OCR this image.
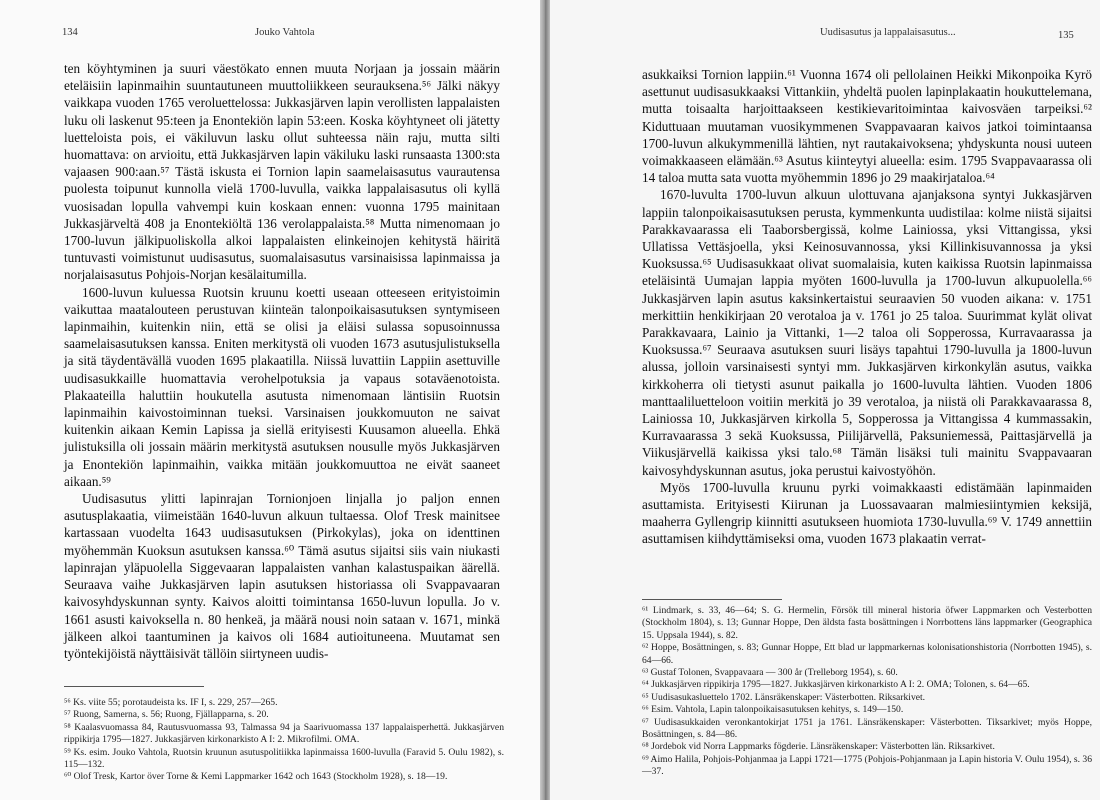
134	Jouko Vahtola

ten köyhtyminen ja suuri väestökato ennen muuta Norjaan ja jossain määrin eteläisiin lapinmaihin suuntautuneen muuttoliikkeen seurauksena.⁵⁶ Jälki näkyy vaikkapa vuoden 1765 veroluettelossa: Jukkasjärven lapin verollisten lappalaisten luku oli laskenut 95:teen ja Enontekiön lapin 53:een. Koska köyhtyneet oli jätetty luetteloista pois, ei väkiluvun lasku ollut suhteessa näin raju, mutta silti huomattava: on arvioitu, että Jukkasjärven lapin väkiluku laski runsaasta 1300:sta vajaasen 900:aan.⁵⁷ Tästä iskusta ei Tornion lapin saamelaisasutus vaurautensa puolesta toipunut kunnolla vielä 1700-luvulla, vaikka lappalaisasutus oli kyllä vuosisadan lopulla vahvempi kuin koskaan ennen: vuonna 1795 mainitaan Jukkasjärveltä 408 ja Enontekiöltä 136 verolappalaista.⁵⁸ Mutta nimenomaan jo 1700-luvun jälkipuoliskolla alkoi lappalaisten elinkeinojen kehitystä häiritä tuntuvasti voimistunut uudisasutus, suomalaisasutus varsinaisissa lapinmaissa ja norjalaisasutus Pohjois-Norjan kesälaitumilla.

1600-luvun kuluessa Ruotsin kruunu koetti useaan otteeseen erityistoimin vaikuttaa maataloutеen perustuvan kiinteän talonpoikaisasutuksen syntymiseen lapinmaihin, kuitenkin niin, että se olisi ja eläisi sulassa sopusoinnussa saamelaisasutuksen kanssa. Eniten merkitystä oli vuoden 1673 asutusjulistuksella ja sitä täydentävällä vuoden 1695 plakaatilla. Niissä luvattiin Lappiin asettuville uudisasukkaille huomattavia verohelpotuksia ja vapaus sotaväenotoista. Plakaateilla haluttiin houkutella asutusta nimenomaan läntisiin Ruotsin lapinmaihin kaivostoiminnan tueksi. Varsinaisen joukkomuuton ne saivat kuitenkin aikaan Kemin Lapissa ja siellä erityisesti Kuusamon alueella. Ehkä julistuksilla oli jossain määrin merkitystä asutuksen nousulle myös Jukkasjärven ja Enontekiön lapinmaihin, vaikka mitään joukkomuuttoa ne eivät saaneet aikaan.⁵⁹

Uudisasutus ylitti lapinrajan Tornionjoen linjalla jo paljon ennen asutusplakaatia, viimeistään 1640-luvun alkuun tultaessa. Olof Tresk mainitsee kartassaan vuodelta 1643 uudisasutuksen (Pirkokylas), joka on identtinen myöhemmän Kuoksun asutuksen kanssa.⁶⁰ Tämä asutus sijaitsi siis vain niukasti lapinrajan yläpuolella Siggevaaran lappalaisten vanhan kalastuspaikan äärellä. Seuraava vaihe Jukkasjärven lapin asutuksen historiassa oli Svappavaaran kaivosyhdyskunnan synty. Kaivos aloitti toimintansa 1650-luvun lopulla. Jo v. 1661 asusti kaivoksella n. 80 henkeä, ja määrä nousi noin sataan v. 1671, minkä jälkeen alkoi taantuminen ja kaivos oli 1684 autioituneena. Muutamat sen työntekijöistä näyttäisivät tällöin siirtyneen uudis-

⁵⁶ Ks. viite 55; porotaudeista ks. IF I, s. 229, 257—265.

⁵⁷ Ruong, Samerna, s. 56; Ruong, Fjällapparna, s. 20.

⁵⁸ Kaalasvuomassa 84, Rautusvuomassa 93, Talmassa 94 ja Saarivuomassa 137 lappalaisperhettä. Jukkasjärven rippikirja 1795—1827. Jukkasjärven kirkonarkisto A I: 2. Mikrofilmi. OMA.

⁵⁹ Ks. esim. Jouko Vahtola, Ruotsin kruunun asutuspolitiikka lapinmaissa 1600-luvulla (Faravid 5. Oulu 1982), s. 115—132.

⁶⁰ Olof Tresk, Kartor över Torne & Kemi Lappmarker 1642 och 1643 (Stockholm 1928), s. 18—19.

Uudisasutus ja lappalaisasutus...	135

asukkaiksi Tornion lappiin.⁶¹ Vuonna 1674 oli pellolainen Heikki Mikonpoika Kyrö asettunut uudisasukkaaksi Vittankiin, yhdeltä puolen lapinplakaatin houkuttelemana, mutta toisaalta harjoittaakseen kestikievaritoimintaa kaivosväen tarpeiksi.⁶² Kiduttuaan muutaman vuosikymmenen Svappavaaran kaivos jatkoi toimintaansa 1700-luvun alkukymmenillä lähtien, nyt rautakaivoksena; yhdyskunta nousi uuteen voimakkaaseen elämään.⁶³ Asutus kiinteytyi alueella: esim. 1795 Svappavaarassa oli 14 taloa mutta sata vuotta myöhemmin 1896 jo 29 maakirjataloa.⁶⁴

1670-luvulta 1700-luvun alkuun ulottuvana ajanjaksona syntyi Jukkasjärven lappiin talonpoikaisasutuksen perusta, kymmenkunta uudistilaa: kolme niistä sijaitsi Parakkavaarassa eli Taaborsbergissä, kolme Lainiossa, yksi Vittangissa, yksi Ullatissa Vettäsjoella, yksi Keinosuvannossa, yksi Killinkisuvannossa ja yksi Kuoksussa.⁶⁵ Uudisasukkaat olivat suomalaisia, kuten kaikissa Ruotsin lapinmaissa eteläisintä Uumajan lappia myöten 1600-luvulla ja 1700-luvun alkupuolella.⁶⁶ Jukkasjärven lapin asutus kaksinkertaistui seuraavien 50 vuoden aikana: v. 1751 merkittiin henkikirjaan 20 verotaloa ja v. 1761 jo 25 taloa. Suurimmat kylät olivat Parakkavaara, Lainio ja Vittanki, 1—2 taloa oli Sopperossa, Kurravaarassa ja Kuoksussa.⁶⁷ Seuraava asutuksen suuri lisäys tapahtui 1790-luvulla ja 1800-luvun alussa, jolloin varsinaisesti syntyi mm. Jukkasjärven kirkonkylän asutus, vaikka kirkkoherra oli tietysti asunut paikalla jo 1600-luvulta lähtien. Vuoden 1806 manttaaliluetteloon voitiin merkitä jo 39 verotaloa, ja niistä oli Parakkavaarassa 8, Lainiossa 10, Jukkasjärven kirkolla 5, Sopperossa ja Vittangissa 4 kummassakin, Kurravaarassa 3 sekä Kuoksussa, Piilijärvellä, Paksuniemessä, Paittasjärvellä ja Viikusjärvellä kaikissa yksi talo.⁶⁸ Tämän lisäksi tuli mainitu Svappavaaran kaivosyhdyskunnan asutus, joka perustui kaivostyöhön.

Myös 1700-luvulla kruunu pyrki voimakkaasti edistämään lapinmaiden asuttamista. Erityisesti Kiirunan ja Luossavaaran malmiesiintymien keksijä, maaherra Gyllengrip kiinnitti asutukseen huomiota 1730-luvulla.⁶⁹ V. 1749 annettiin asuttamisen kiihdyttämiseksi oma, vuoden 1673 plakaatin verrat-

⁶¹ Lindmark, s. 33, 46—64; S. G. Hermelin, Försök till mineral historia öfwer Lappmarken och Vesterbotten (Stockholm 1804), s. 13; Gunnar Hoppe, Den äldsta fasta bosättningen i Norrbottens läns lappmarker (Geographica 15. Uppsala 1944), s. 82.

⁶² Hoppe, Bosättningen, s. 83; Gunnar Hoppe, Ett blad ur lappmarkernas kolonisationshistoria (Norrbotten 1945), s. 64—66.

⁶³ Gustaf Tolonen, Svappavaara — 300 år (Trelleborg 1954), s. 60.

⁶⁴ Jukkasjärven rippikirja 1795—1827. Jukkasjärven kirkonarkisto A I: 2. OMA; Tolonen, s. 64—65.

⁶⁵ Uudisasukasluettelo 1702. Länsräkenskaper: Västerbotten. Riksarkivet.

⁶⁶ Esim. Vahtola, Lapin talonpoikaisasutuksen kehitys, s. 149—150.

⁶⁷ Uudisasukkaiden veronkantokirjat 1751 ja 1761. Länsräkenskaper: Västerbotten. Tiksarkivet; myös Hoppe, Bosättningen, s. 84—86.

⁶⁸ Jordebok vid Norra Lappmarks fögderie. Länsräkenskaper: Västerbotten län. Riksarkivet.

⁶⁹ Aimo Halila, Pohjois-Pohjanmaa ja Lappi 1721—1775 (Pohjois-Pohjanmaan ja Lapin historia V. Oulu 1954), s. 36—37.
